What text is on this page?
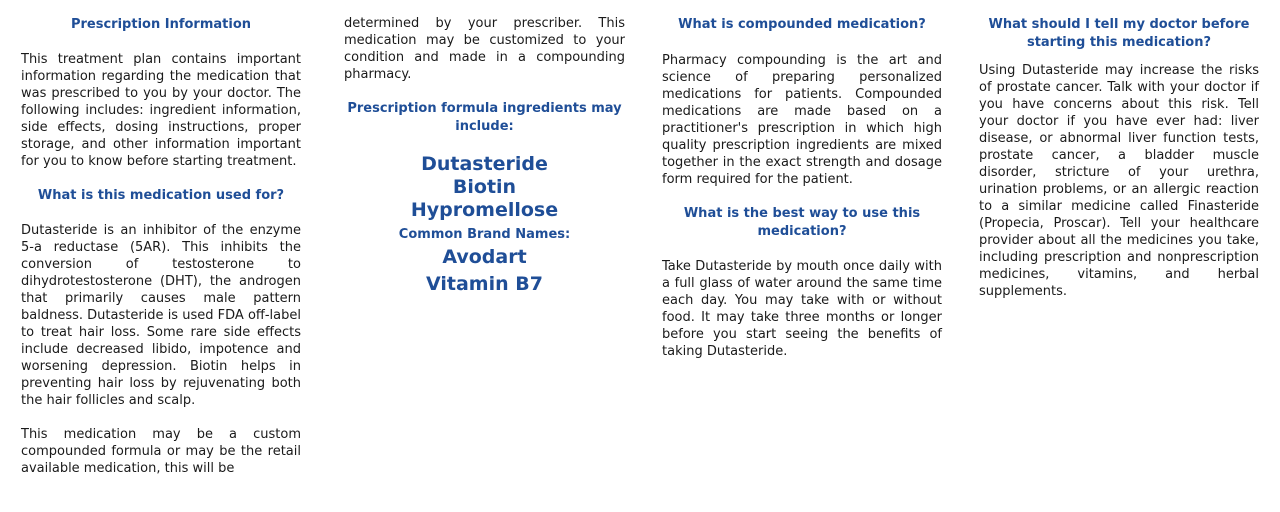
Prescription Information

This treatment plan contains important information regarding the medication that was prescribed to you by your doctor. The following includes: ingredient information, side effects, dosing instructions, proper storage, and other information important for you to know before starting treatment.

What is this medication used for?

Dutasteride is an inhibitor of the enzyme 5-a reductase (5AR). This inhibits the conversion of testosterone to dihydrotestosterone (DHT), the androgen that primarily causes male pattern baldness. Dutasteride is used FDA off-label to treat hair loss. Some rare side effects include decreased libido, impotence and worsening depression. Biotin helps in preventing hair loss by rejuvenating both the hair follicles and scalp.

This medication may be a custom compounded formula or may be the retail available medication, this will be

determined by your prescriber. This medication may be customized to your condition and made in a compounding pharmacy.

Prescription formula ingredients may include:

Dutasteride

Biotin

Hypromellose

Common Brand Names:

Avodart

Vitamin B7

What is compounded medication?

Pharmacy compounding is the art and science of preparing personalized medications for patients. Compounded medications are made based on a practitioner's prescription in which high quality prescription ingredients are mixed together in the exact strength and dosage form required for the patient.

What is the best way to use this medication?

Take Dutasteride by mouth once daily with a full glass of water around the same time each day. You may take with or without food. It may take three months or longer before you start seeing the benefits of taking Dutasteride.

What should I tell my doctor before starting this medication?

Using Dutasteride may increase the risks of prostate cancer. Talk with your doctor if you have concerns about this risk. Tell your doctor if you have ever had: liver disease, or abnormal liver function tests, prostate cancer, a bladder muscle disorder, stricture of your urethra, urination problems, or an allergic reaction to a similar medicine called Finasteride (Propecia, Proscar). Tell your healthcare provider about all the medicines you take, including prescription and nonprescription medicines, vitamins, and herbal supplements.
